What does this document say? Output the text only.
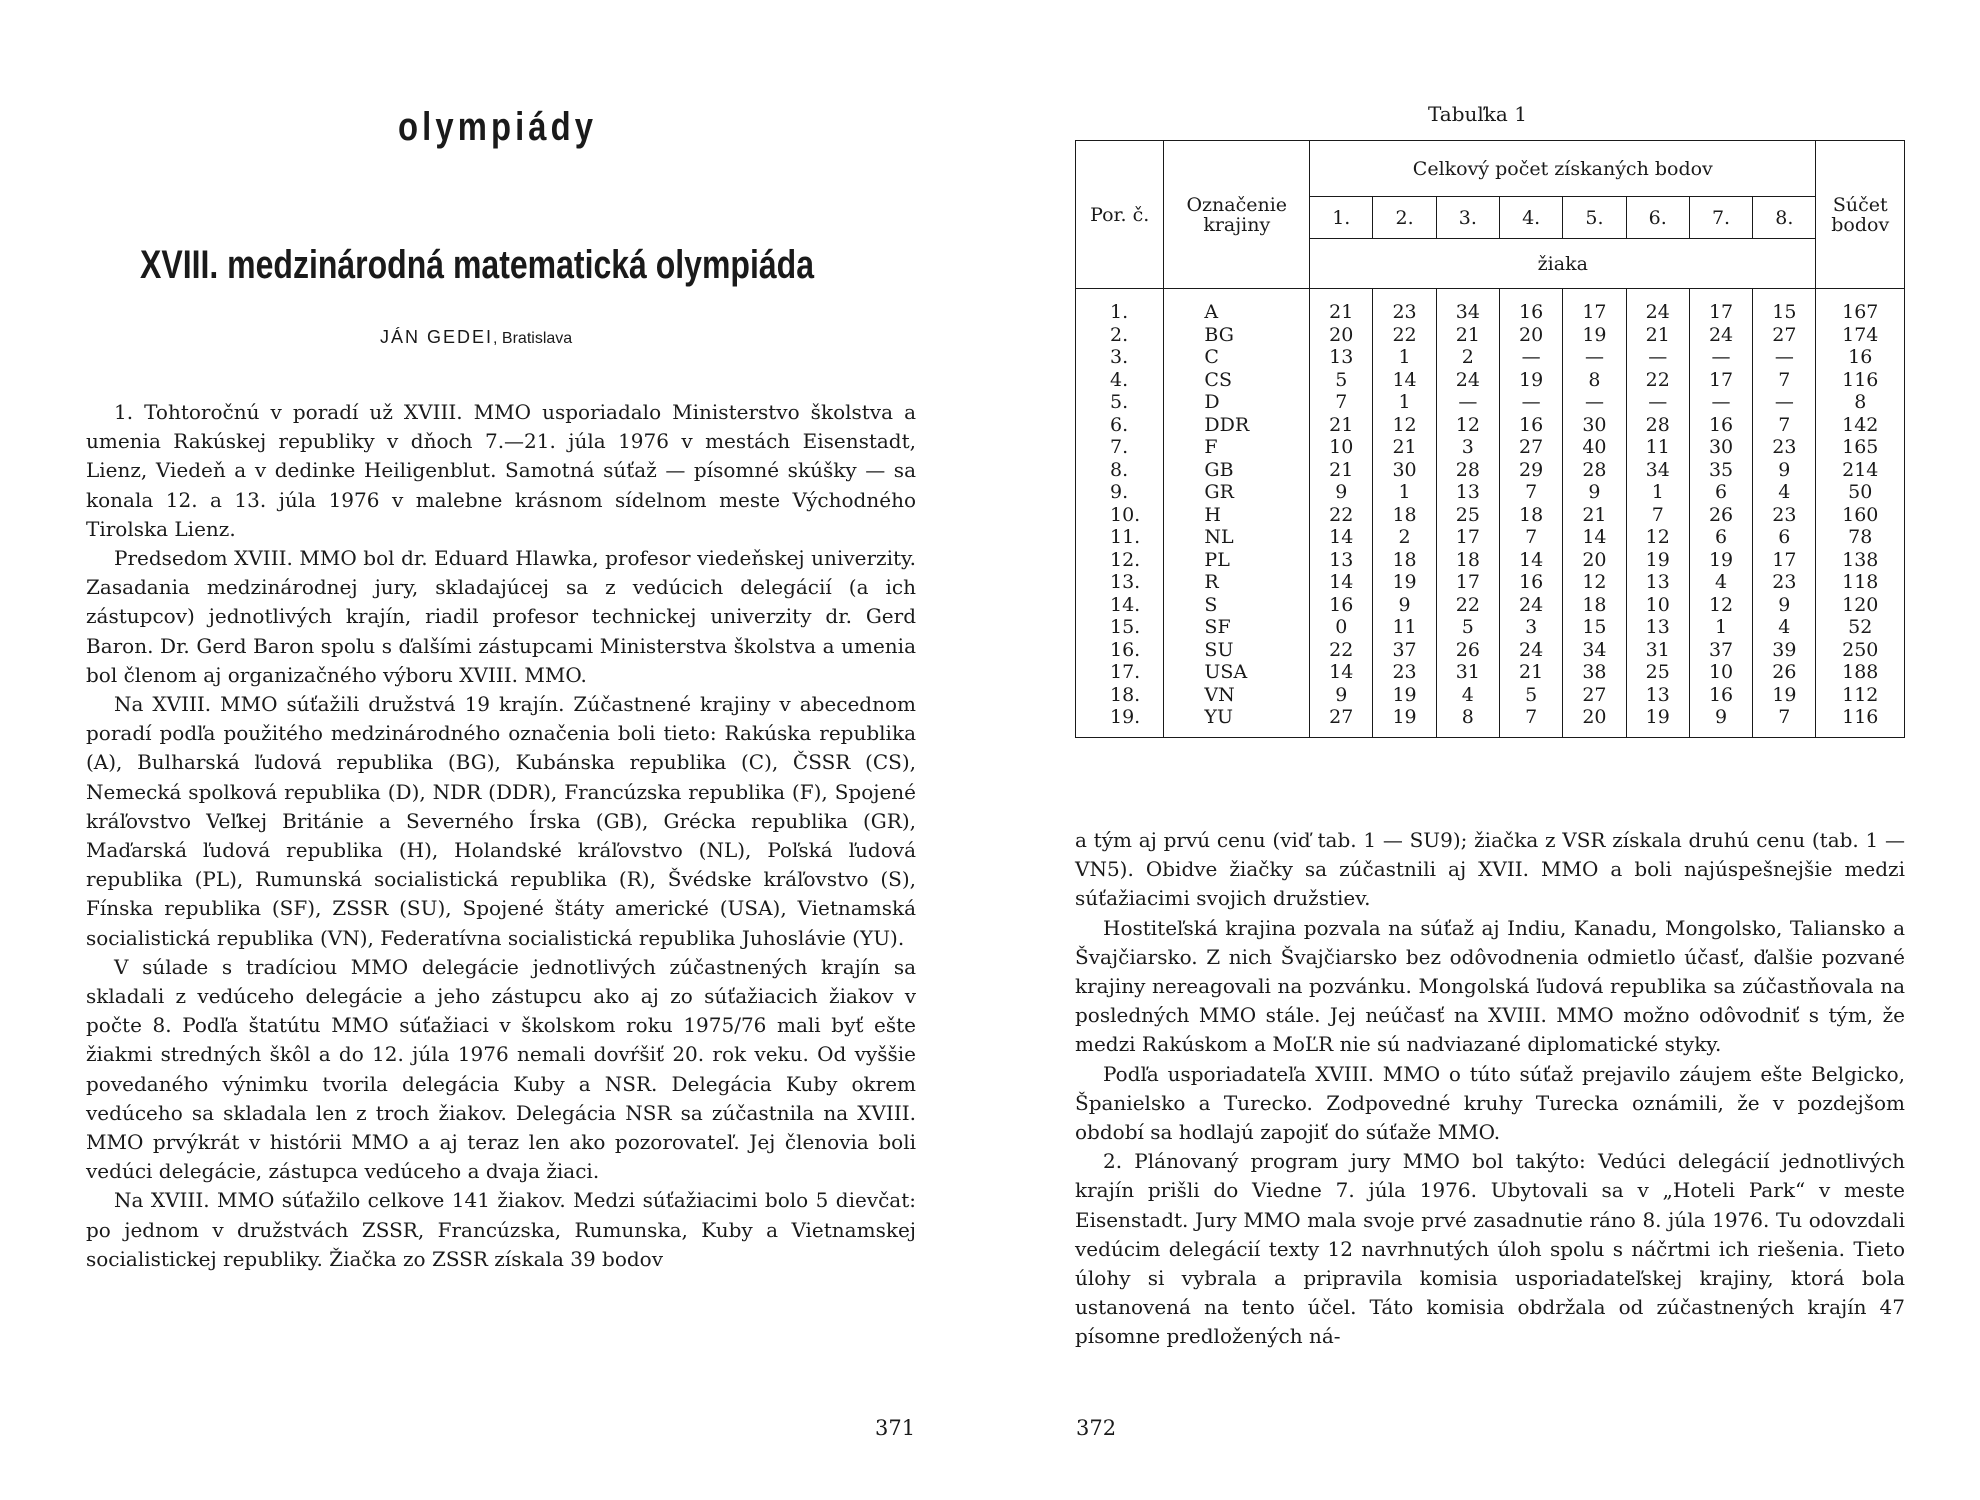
olympiády
XVIII. medzinárodná matematická olympiáda
JÁN GEDEI, Bratislava

1. Tohtoročnú v poradí už XVIII. MMO usporiadalo Ministerstvo školstva a umenia Rakúskej republiky v dňoch 7.—21. júla 1976 v mestách Eisenstadt, Lienz, Viedeň a v dedinke Heiligenblut. Samotná súťaž — písomné skúšky — sa konala 12. a 13. júla 1976 v malebne krásnom sídelnom meste Východného Tirolska Lienz.

Predsedom XVIII. MMO bol dr. Eduard Hlawka, profesor viedeňskej univerzity. Zasadania medzinárodnej jury, skladajúcej sa z vedúcich delegácií (a ich zástupcov) jednotlivých krajín, riadil profesor technickej univerzity dr. Gerd Baron. Dr. Gerd Baron spolu s ďalšími zástupcami Ministerstva školstva a umenia bol členom aj organizačného výboru XVIII. MMO.

Na XVIII. MMO súťažili družstvá 19 krajín. Zúčastnené krajiny v abecednom poradí podľa použitého medzinárodného označenia boli tieto: Rakúska republika (A), Bulharská ľudová republika (BG), Kubánska republika (C), ČSSR (CS), Nemecká spolková republika (D), NDR (DDR), Francúzska republika (F), Spojené kráľovstvo Veľkej Británie a Severného Írska (GB), Grécka republika (GR), Maďarská ľudová republika (H), Holandské kráľovstvo (NL), Poľská ľudová republika (PL), Rumunská socialistická republika (R), Švédske kráľovstvo (S), Fínska republika (SF), ZSSR (SU), Spojené štáty americké (USA), Vietnamská socialistická republika (VN), Federatívna socialistická republika Juhoslávie (YU).

V súlade s tradíciou MMO delegácie jednotlivých zúčastnených krajín sa skladali z vedúceho delegácie a jeho zástupcu ako aj zo súťažiacich žiakov v počte 8. Podľa štatútu MMO súťažiaci v školskom roku 1975/76 mali byť ešte žiakmi stredných škôl a do 12. júla 1976 nemali dovŕšiť 20. rok veku. Od vyššie povedaného výnimku tvorila delegácia Kuby a NSR. Delegácia Kuby okrem vedúceho sa skladala len z troch žiakov. Delegácia NSR sa zúčastnila na XVIII. MMO prvýkrát v histórii MMO a aj teraz len ako pozorovateľ. Jej členovia boli vedúci delegácie, zástupca vedúceho a dvaja žiaci.

Na XVIII. MMO súťažilo celkove 141 žiakov. Medzi súťažiacimi bolo 5 dievčat: po jednom v družstvách ZSSR, Francúzska, Rumunska, Kuby a Vietnamskej socialistickej republiky. Žiačka zo ZSSR získala 39 bodov

371
Tabuľka 1
Por. č.	Označenie krajiny	Celkový počet získaných bodov								Súčet bodov
		1.	2.	3.	4.	5.	6.	7.	8.	
		žiaka								
1.	A	21	23	34	16	17	24	17	15	167
2.	BG	20	22	21	20	19	21	24	27	174
3.	C	13	1	2	—	—	—	—	—	16
4.	CS	5	14	24	19	8	22	17	7	116
5.	D	7	1	—	—	—	—	—	—	8
6.	DDR	21	12	12	16	30	28	16	7	142
7.	F	10	21	3	27	40	11	30	23	165
8.	GB	21	30	28	29	28	34	35	9	214
9.	GR	9	1	13	7	9	1	6	4	50
10.	H	22	18	25	18	21	7	26	23	160
11.	NL	14	2	17	7	14	12	6	6	78
12.	PL	13	18	18	14	20	19	19	17	138
13.	R	14	19	17	16	12	13	4	23	118
14.	S	16	9	22	24	18	10	12	9	120
15.	SF	0	11	5	3	15	13	1	4	52
16.	SU	22	37	26	24	34	31	37	39	250
17.	USA	14	23	31	21	38	25	10	26	188
18.	VN	9	19	4	5	27	13	16	19	112
19.	YU	27	19	8	7	20	19	9	7	116

a tým aj prvú cenu (viď tab. 1 — SU9); žiačka z VSR získala druhú cenu (tab. 1 — VN5). Obidve žiačky sa zúčastnili aj XVII. MMO a boli najúspešnejšie medzi súťažiacimi svojich družstiev.

Hostiteľská krajina pozvala na súťaž aj Indiu, Kanadu, Mongolsko, Taliansko a Švajčiarsko. Z nich Švajčiarsko bez odôvodnenia odmietlo účasť, ďalšie pozvané krajiny nereagovali na pozvánku. Mongolská ľudová republika sa zúčastňovala na posledných MMO stále. Jej neúčasť na XVIII. MMO možno odôvodniť s tým, že medzi Rakúskom a MoĽR nie sú nadviazané diplomatické styky.

Podľa usporiadateľa XVIII. MMO o túto súťaž prejavilo záujem ešte Belgicko, Španielsko a Turecko. Zodpovedné kruhy Turecka oznámili, že v pozdejšom období sa hodlajú zapojiť do súťaže MMO.

2. Plánovaný program jury MMO bol takýto: Vedúci delegácií jednotlivých krajín prišli do Viedne 7. júla 1976. Ubytovali sa v „Hoteli Park“ v meste Eisenstadt. Jury MMO mala svoje prvé zasadnutie ráno 8. júla 1976. Tu odovzdali vedúcim delegácií texty 12 navrhnutých úloh spolu s náčrtmi ich riešenia. Tieto úlohy si vybrala a pripravila komisia usporiadateľskej krajiny, ktorá bola ustanovená na tento účel. Táto komisia obdržala od zúčastnených krajín 47 písomne predložených ná-

372
